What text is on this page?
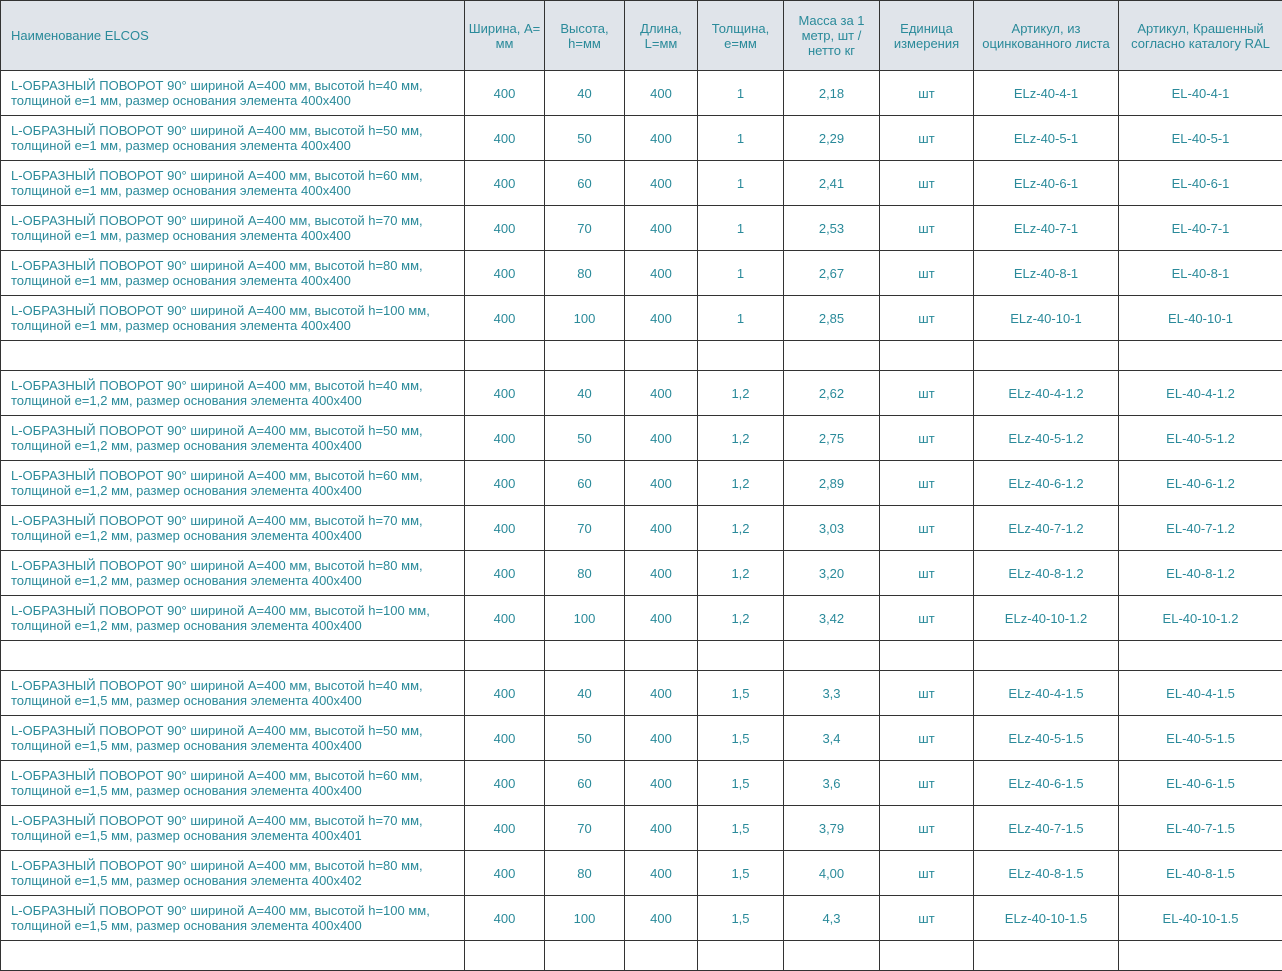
Наименование ELCOS	Ширина, A= мм	Высота, h=мм	Длина, L=мм	Толщина, e=мм	Масса за 1 метр, шт / нетто кг	Единица измерения	Артикул, из оцинкованного листа	Артикул, Крашенный согласно каталогу RAL
L-ОБРАЗНЫЙ ПОВОРОТ 90° шириной A=400 мм, высотой h=40 мм, толщиной e=1 мм, размер основания элемента 400x400	400	40	400	1	2,18	шт	ELz-40-4-1	EL-40-4-1
L-ОБРАЗНЫЙ ПОВОРОТ 90° шириной A=400 мм, высотой h=50 мм, толщиной e=1 мм, размер основания элемента 400x400	400	50	400	1	2,29	шт	ELz-40-5-1	EL-40-5-1
L-ОБРАЗНЫЙ ПОВОРОТ 90° шириной A=400 мм, высотой h=60 мм, толщиной e=1 мм, размер основания элемента 400x400	400	60	400	1	2,41	шт	ELz-40-6-1	EL-40-6-1
L-ОБРАЗНЫЙ ПОВОРОТ 90° шириной A=400 мм, высотой h=70 мм, толщиной e=1 мм, размер основания элемента 400x400	400	70	400	1	2,53	шт	ELz-40-7-1	EL-40-7-1
L-ОБРАЗНЫЙ ПОВОРОТ 90° шириной A=400 мм, высотой h=80 мм, толщиной e=1 мм, размер основания элемента 400x400	400	80	400	1	2,67	шт	ELz-40-8-1	EL-40-8-1
L-ОБРАЗНЫЙ ПОВОРОТ 90° шириной A=400 мм, высотой h=100 мм, толщиной e=1 мм, размер основания элемента 400x400	400	100	400	1	2,85	шт	ELz-40-10-1	EL-40-10-1

L-ОБРАЗНЫЙ ПОВОРОТ 90° шириной A=400 мм, высотой h=40 мм, толщиной e=1,2 мм, размер основания элемента 400x400	400	40	400	1,2	2,62	шт	ELz-40-4-1.2	EL-40-4-1.2
L-ОБРАЗНЫЙ ПОВОРОТ 90° шириной A=400 мм, высотой h=50 мм, толщиной e=1,2 мм, размер основания элемента 400x400	400	50	400	1,2	2,75	шт	ELz-40-5-1.2	EL-40-5-1.2
L-ОБРАЗНЫЙ ПОВОРОТ 90° шириной A=400 мм, высотой h=60 мм, толщиной e=1,2 мм, размер основания элемента 400x400	400	60	400	1,2	2,89	шт	ELz-40-6-1.2	EL-40-6-1.2
L-ОБРАЗНЫЙ ПОВОРОТ 90° шириной A=400 мм, высотой h=70 мм, толщиной e=1,2 мм, размер основания элемента 400x400	400	70	400	1,2	3,03	шт	ELz-40-7-1.2	EL-40-7-1.2
L-ОБРАЗНЫЙ ПОВОРОТ 90° шириной A=400 мм, высотой h=80 мм, толщиной e=1,2 мм, размер основания элемента 400x400	400	80	400	1,2	3,20	шт	ELz-40-8-1.2	EL-40-8-1.2
L-ОБРАЗНЫЙ ПОВОРОТ 90° шириной A=400 мм, высотой h=100 мм, толщиной e=1,2 мм, размер основания элемента 400x400	400	100	400	1,2	3,42	шт	ELz-40-10-1.2	EL-40-10-1.2

L-ОБРАЗНЫЙ ПОВОРОТ 90° шириной A=400 мм, высотой h=40 мм, толщиной e=1,5 мм, размер основания элемента 400x400	400	40	400	1,5	3,3	шт	ELz-40-4-1.5	EL-40-4-1.5
L-ОБРАЗНЫЙ ПОВОРОТ 90° шириной A=400 мм, высотой h=50 мм, толщиной e=1,5 мм, размер основания элемента 400x400	400	50	400	1,5	3,4	шт	ELz-40-5-1.5	EL-40-5-1.5
L-ОБРАЗНЫЙ ПОВОРОТ 90° шириной A=400 мм, высотой h=60 мм, толщиной e=1,5 мм, размер основания элемента 400x400	400	60	400	1,5	3,6	шт	ELz-40-6-1.5	EL-40-6-1.5
L-ОБРАЗНЫЙ ПОВОРОТ 90° шириной A=400 мм, высотой h=70 мм, толщиной e=1,5 мм, размер основания элемента 400x401	400	70	400	1,5	3,79	шт	ELz-40-7-1.5	EL-40-7-1.5
L-ОБРАЗНЫЙ ПОВОРОТ 90° шириной A=400 мм, высотой h=80 мм, толщиной e=1,5 мм, размер основания элемента 400x402	400	80	400	1,5	4,00	шт	ELz-40-8-1.5	EL-40-8-1.5
L-ОБРАЗНЫЙ ПОВОРОТ 90° шириной A=400 мм, высотой h=100 мм, толщиной e=1,5 мм, размер основания элемента 400x400	400	100	400	1,5	4,3	шт	ELz-40-10-1.5	EL-40-10-1.5
